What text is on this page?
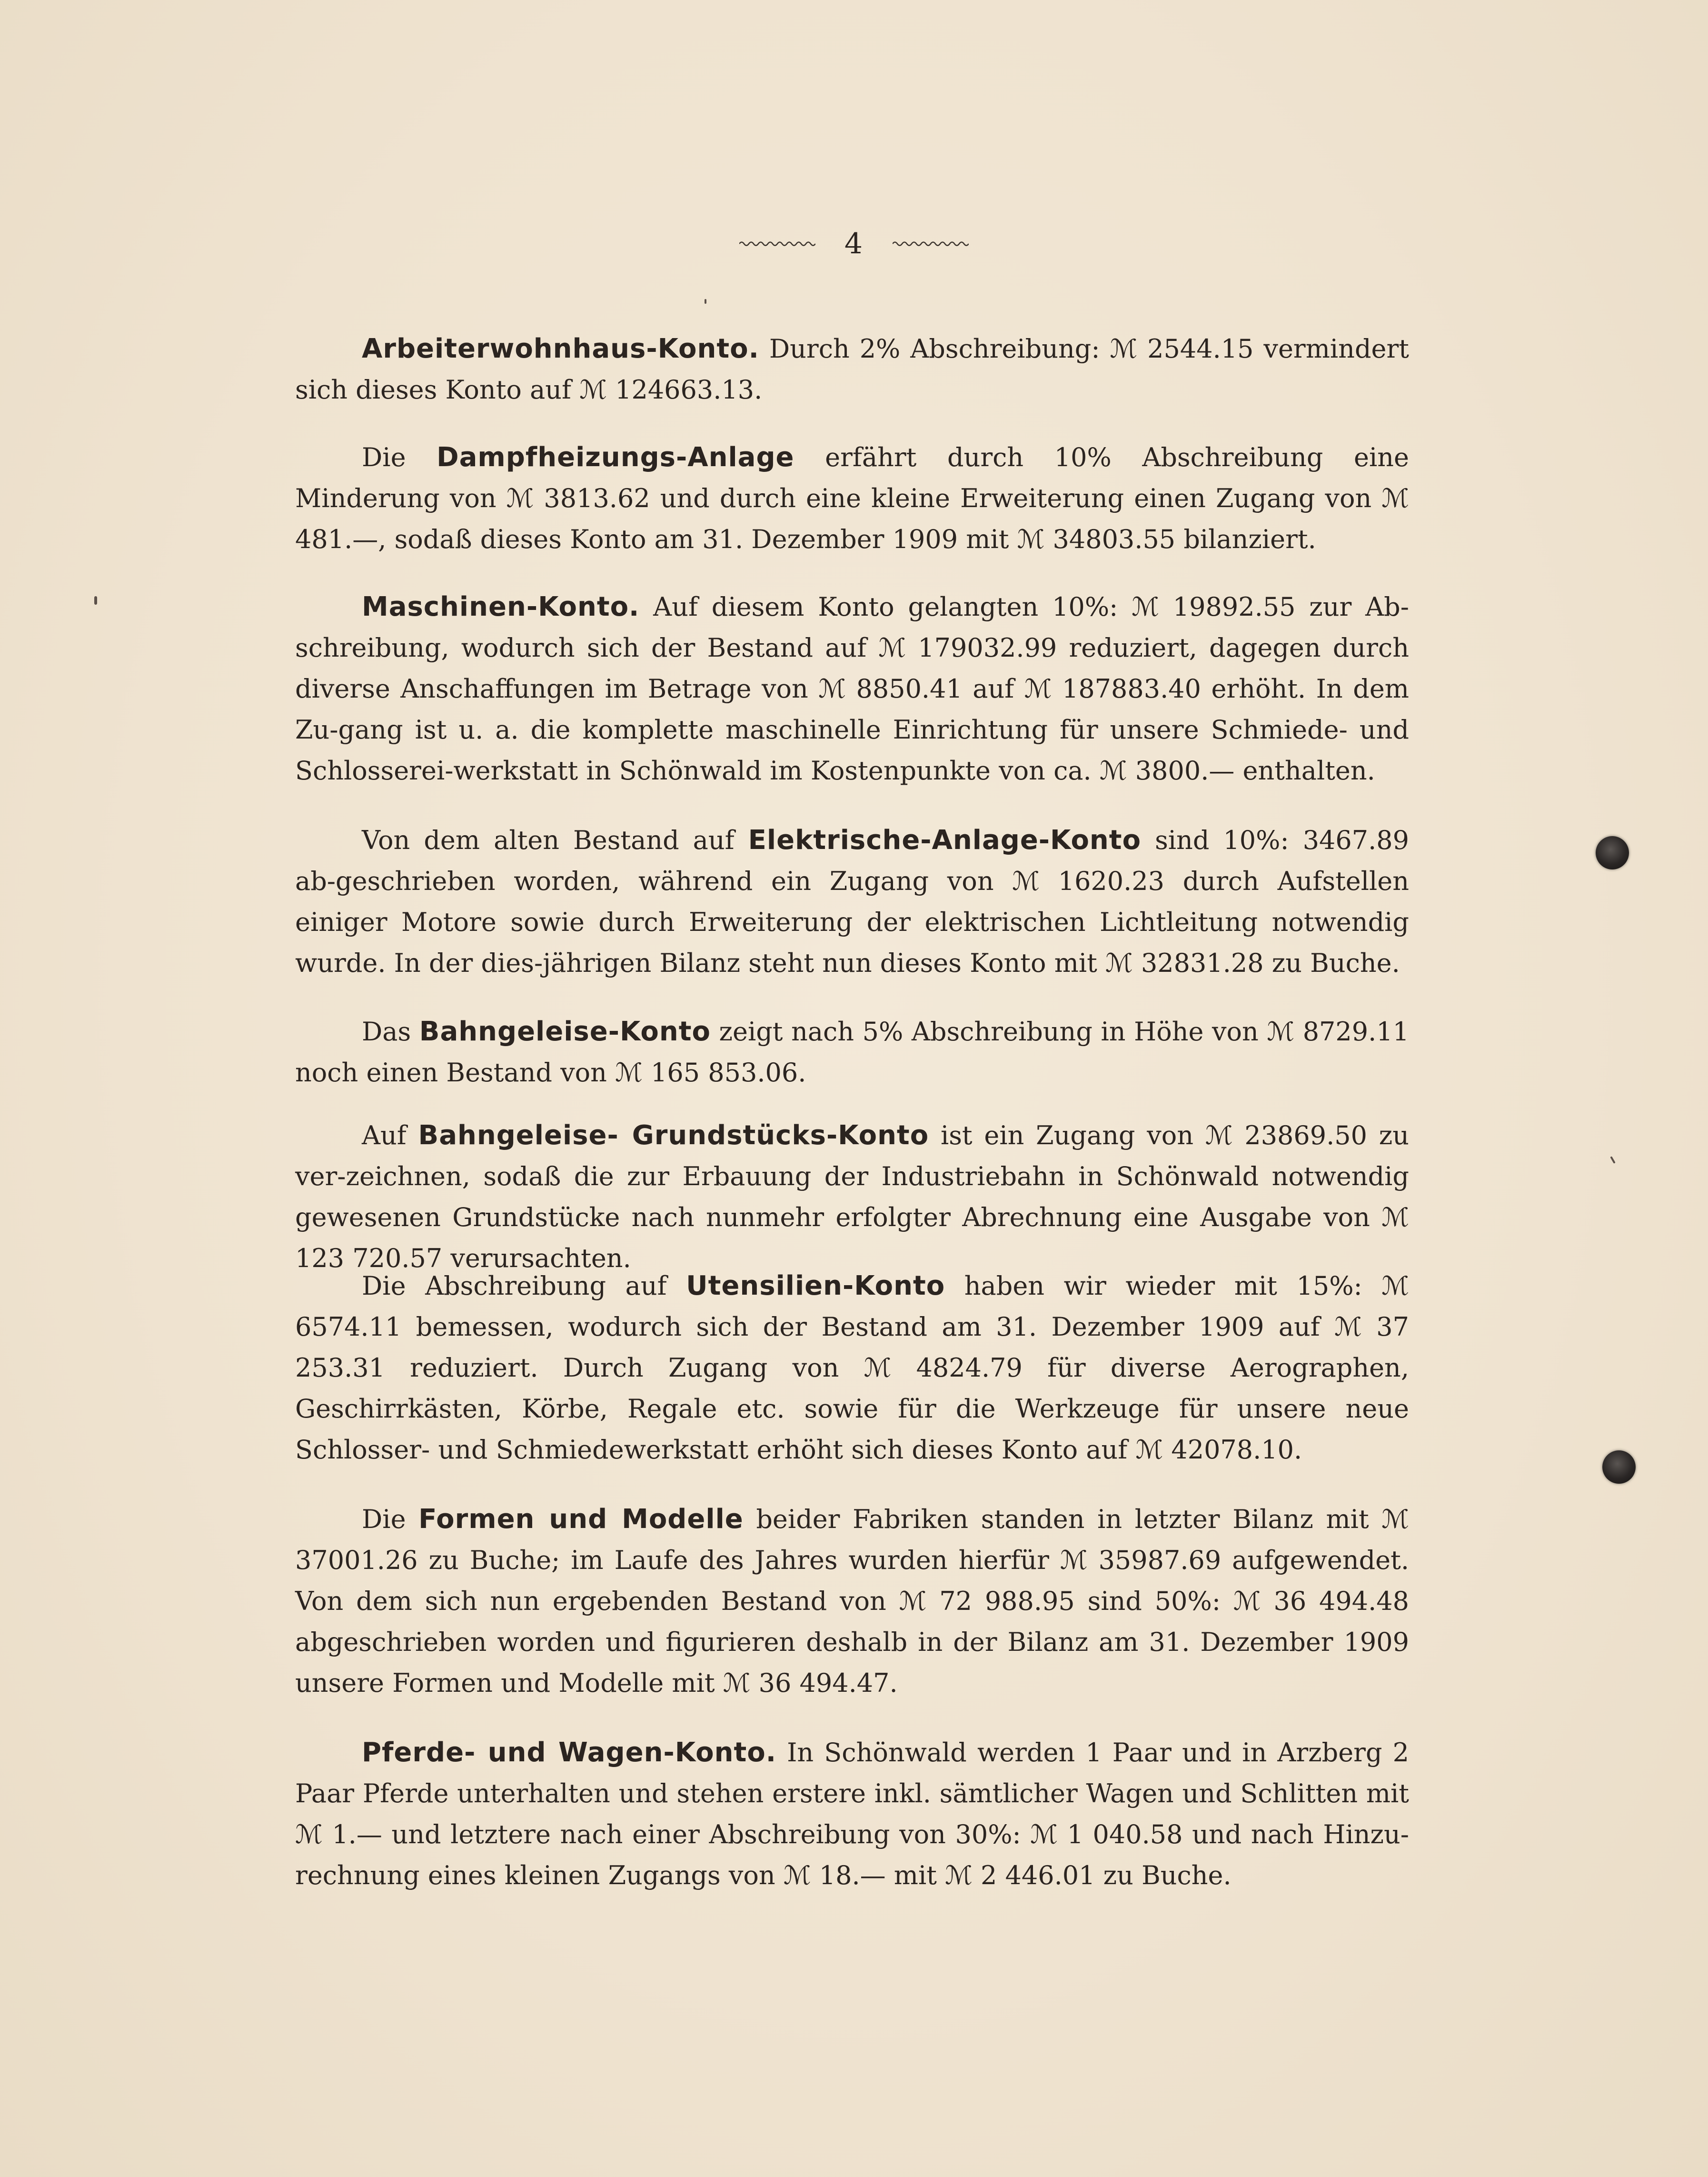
4

Arbeiterwohnhaus-Konto. Durch 2% Abschreibung: ℳ 2544.15 vermindert sich dieses Konto auf ℳ 124663.13.

Die Dampfheizungs-Anlage erfährt durch 10% Abschreibung eine Minderung von ℳ 3813.62 und durch eine kleine Erweiterung einen Zugang von ℳ 481.—, sodaß dieses Konto am 31. Dezember 1909 mit ℳ 34803.55 bilanziert.

Maschinen-Konto. Auf diesem Konto gelangten 10%: ℳ 19892.55 zur Ab-schreibung, wodurch sich der Bestand auf ℳ 179032.99 reduziert, dagegen durch diverse Anschaffungen im Betrage von ℳ 8850.41 auf ℳ 187883.40 erhöht. In dem Zu-gang ist u. a. die komplette maschinelle Einrichtung für unsere Schmiede- und Schlosserei-werkstatt in Schönwald im Kostenpunkte von ca. ℳ 3800.— enthalten.

Von dem alten Bestand auf Elektrische-Anlage-Konto sind 10%: 3467.89 ab-geschrieben worden, während ein Zugang von ℳ 1620.23 durch Aufstellen einiger Motore sowie durch Erweiterung der elektrischen Lichtleitung notwendig wurde. In der dies-jährigen Bilanz steht nun dieses Konto mit ℳ 32831.28 zu Buche.

Das Bahngeleise-Konto zeigt nach 5% Abschreibung in Höhe von ℳ 8729.11 noch einen Bestand von ℳ 165 853.06.

Auf Bahngeleise- Grundstücks-Konto ist ein Zugang von ℳ 23869.50 zu ver-zeichnen, sodaß die zur Erbauung der Industriebahn in Schönwald notwendig gewesenen Grundstücke nach nunmehr erfolgter Abrechnung eine Ausgabe von ℳ 123 720.57 verursachten.

Die Abschreibung auf Utensilien-Konto haben wir wieder mit 15%: ℳ 6574.11 bemessen, wodurch sich der Bestand am 31. Dezember 1909 auf ℳ 37 253.31 reduziert. Durch Zugang von ℳ 4824.79 für diverse Aerographen, Geschirrkästen, Körbe, Regale etc. sowie für die Werkzeuge für unsere neue Schlosser- und Schmiedewerkstatt erhöht sich dieses Konto auf ℳ 42078.10.

Die Formen und Modelle beider Fabriken standen in letzter Bilanz mit ℳ 37001.26 zu Buche; im Laufe des Jahres wurden hierfür ℳ 35987.69 aufgewendet. Von dem sich nun ergebenden Bestand von ℳ 72 988.95 sind 50%: ℳ 36 494.48 abgeschrieben worden und figurieren deshalb in der Bilanz am 31. Dezember 1909 unsere Formen und Modelle mit ℳ 36 494.47.

Pferde- und Wagen-Konto. In Schönwald werden 1 Paar und in Arzberg 2 Paar Pferde unterhalten und stehen erstere inkl. sämtlicher Wagen und Schlitten mit ℳ 1.— und letztere nach einer Abschreibung von 30%: ℳ 1 040.58 und nach Hinzu-rechnung eines kleinen Zugangs von ℳ 18.— mit ℳ 2 446.01 zu Buche.
